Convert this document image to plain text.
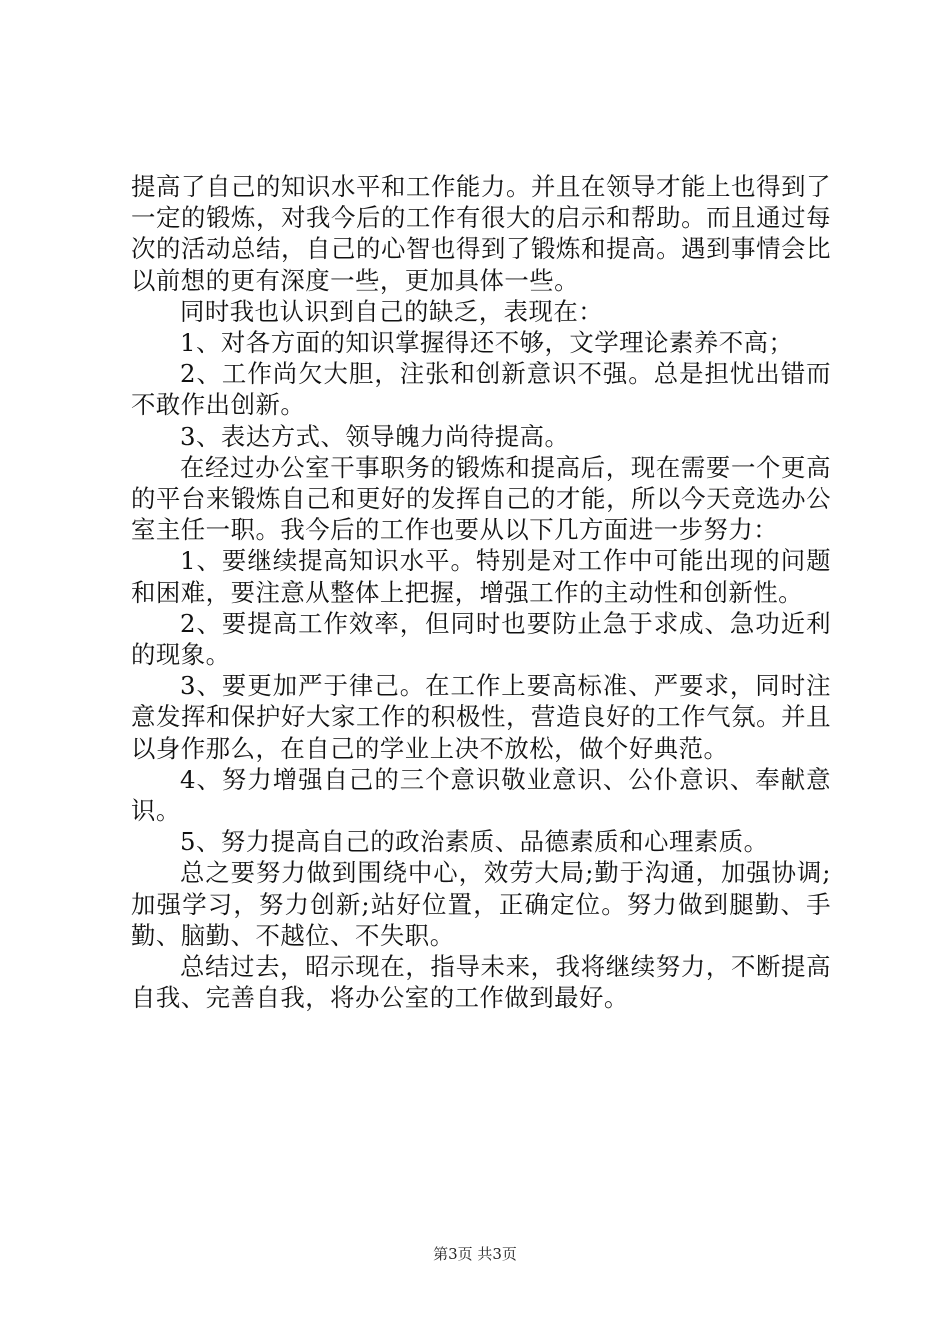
提高了自己的知识水平和工作能力。并且在领导才能上也得到了一定的锻炼，对我今后的工作有很大的启示和帮助。而且通过每次的活动总结，自己的心智也得到了锻炼和提高。遇到事情会比以前想的更有深度一些，更加具体一些。

同时我也认识到自己的缺乏，表现在：

1、对各方面的知识掌握得还不够，文学理论素养不高；

2、工作尚欠大胆，注张和创新意识不强。总是担忧出错而不敢作出创新。

3、表达方式、领导魄力尚待提高。

在经过办公室干事职务的锻炼和提高后，现在需要一个更高的平台来锻炼自己和更好的发挥自己的才能，所以今天竞选办公室主任一职。我今后的工作也要从以下几方面进一步努力：

1、要继续提高知识水平。特别是对工作中可能出现的问题和困难，要注意从整体上把握，增强工作的主动性和创新性。

2、要提高工作效率，但同时也要防止急于求成、急功近利的现象。

3、要更加严于律己。在工作上要高标准、严要求，同时注意发挥和保护好大家工作的积极性，营造良好的工作气氛。并且以身作那么，在自己的学业上决不放松，做个好典范。

4、努力增强自己的三个意识敬业意识、公仆意识、奉献意识。

5、努力提高自己的政治素质、品德素质和心理素质。

总之要努力做到围绕中心，效劳大局;勤于沟通，加强协调;加强学习，努力创新;站好位置，正确定位。努力做到腿勤、手勤、脑勤、不越位、不失职。

总结过去，昭示现在，指导未来，我将继续努力，不断提高自我、完善自我，将办公室的工作做到最好。

第3页 共3页
